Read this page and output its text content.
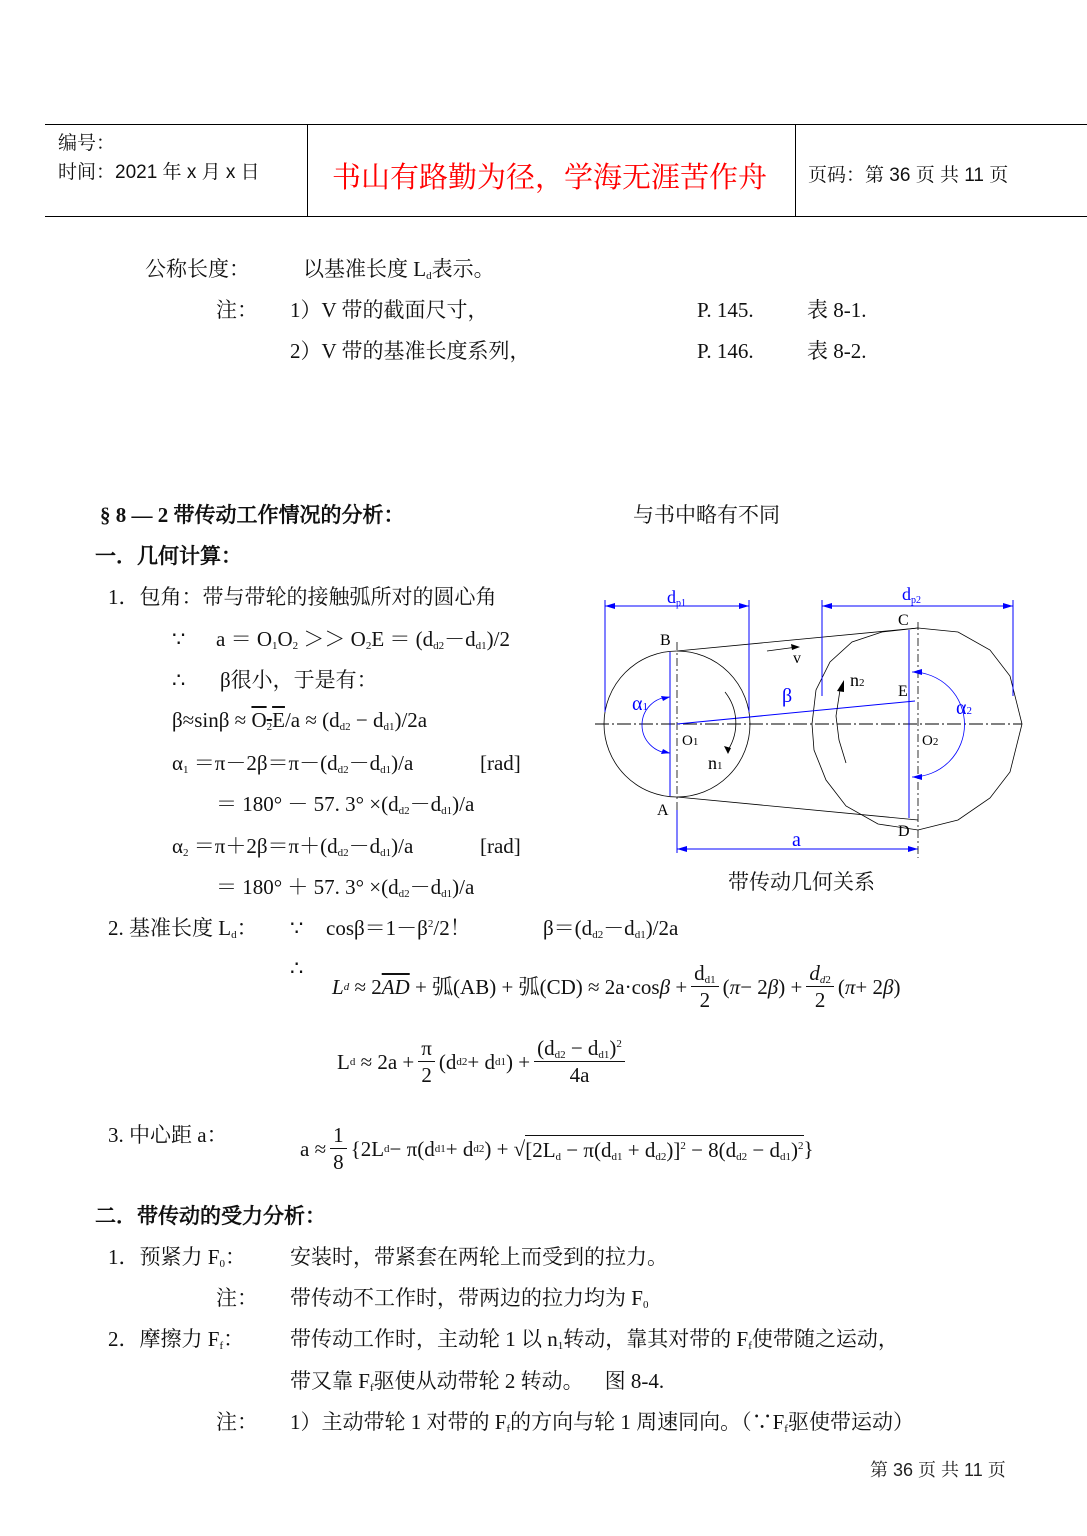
编号：
时间：2021 年 x 月 x 日 书山有路勤为径，学海无涯苦作舟 页码：第 36 页 共 11 页
公称长度：	以基准长度 $L_d$表示。
注： 1）V 带的截面尺寸，	P. 145.	表 8-1.
2）V 带的基准长度系列，	P. 146.	表 8-2.
§ 8 — 2 带传动工作情况的分析：	与书中略有不同
一．几何计算：
1．包角：带与带轮的接触弧所对的圆心角
∵ $a = O_1O_2 >> O_2E = (d_{d2}-d_{d1})/2$
∴ β很小，于是有：
$\beta\approx\sin\beta \approx O_2E/a \approx (d_{d2} - d_{d1})/2a$
$\alpha_1 =\pi-2\beta=\pi-(d_{d2}-d_{d1})/a$	[rad]
＝ 180° － 57. $3^\circ \times(d_{d2}-d_{d1})/a$
$\alpha_2 =\pi+2\beta=\pi+(d_{d2}-d_{d1})/a$	[rad]
＝ 180° ＋ 57. $3^\circ \times(d_{d2}-d_{d1})/a$
dp1	dp2
B
A
C
D
E
O1	O2
α1	α2
β
v
n1
n2
a
带传动几何关系
2. 基准长度 $L_d$： ∵ $\cos\beta=1-\beta^2/2$！	$\beta=(d_{d2}-d_{d1})/2a$
∴
L d ≈ 2 $\overline{AD}$ + 弧(AB) + 弧(CD) ≈ 2a·cos $\beta + \frac{d_{d1}}{2}$ ( π − 2 β ) + $\frac{d_{d2}}{2}$ ( π + 2 β )
L $d \approx 2a + \frac{\pi}{2} (d$ d2 + d d1 ) + $\frac{(d_{d2} - d_{d1})^2}{4a}$
3. 中心距 a：
$a \approx \frac{1}{8} \{2L$ d − π(d d1 + d d2 ) + √ $[2L_d - \pi(d_{d1} + d_{d2})]^2 - 8(d_{d2} - d_{d1})^2$ }
二．带传动的受力分析：
1．预紧力 $F_0$： 安装时，带紧套在两轮上而受到的拉力。
注： 带传动不工作时，带两边的拉力均为 $F_0$
2．摩擦力 $F_f$： 带传动工作时，主动轮 1 以 $n_1$转动，靠其对带的 $F_f$使带随之运动，
带又靠 $F_f$驱使从动带轮 2 转动。 图 8-4.
注： 1）主动带轮 1 对带的 $F_f$的方向与轮 1 周速同向。（$\because F_f$驱使带运动）
第 36 页 共 11 页
